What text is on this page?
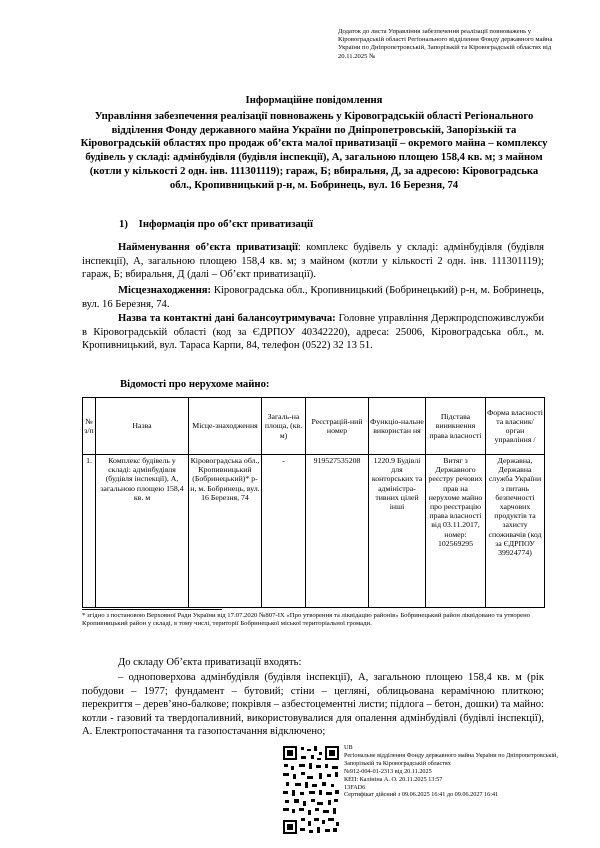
Додаток до листа Управління забезпечення реалізації повноважень у Кіровоградській області Регіонального відділення Фонду державного майна України по Дніпропетровській, Запорізькій та Кіровоградській областях від 20.11.2025 №
Інформаційне повідомлення
Управління забезпечення реалізації повноважень у Кіровоградській області Регіонального відділення Фонду державного майна України по Дніпропетровській, Запорізькій та Кіровоградській областях про продаж об’єкта малої приватизації – окремого майна – комплексу будівель у складі: адмінбудівля (будівля інспекції), А, загальною площею 158,4 кв. м; з майном (котли у кількості 2 одн. інв. 111301119); гараж, Б; вбиральня, Д, за адресою: Кіровоградська обл., Кропивницький р-н, м. Бобринець, вул. 16 Березня, 74
1) Інформація про об’єкт приватизації
Найменування об’єкта приватизації: комплекс будівель у складі: адмінбудівля (будівля інспекції), А, загальною площею 158,4 кв. м; з майном (котли у кількості 2 одн. інв. 111301119); гараж, Б; вбиральня, Д (далі – Об’єкт приватизації).
Місцезнаходження: Кіровоградська обл., Кропивницький (Бобринецький) р-н, м. Бобринець, вул. 16 Березня, 74.
Назва та контактні дані балансоутримувача: Головне управління Держпродспоживслужби в Кіровоградській області (код за ЄДРПОУ 40342220), адреса: 25006, Кіровоградська обл., м. Кропивницький, вул. Тараса Карпи, 84, телефон (0522) 32 13 51.
Відомості про нерухоме майно:
№ з/п	Назва	Місце-знаходження	Загаль-на площа, (кв. м)	Реєстрацій-ний номер	Функціо-нальне використан ня	Підстава виникнення права власності	Форма власності та власник/ орган управління /
1.	Комплекс будівель у складі: адмінбудівля (будівля інспекції), А, загальною площею 158,4 кв. м	Кіровоградська обл., Кропивницький (Бобринецький)* р-н, м. Бобринець, вул. 16 Березня, 74	-	919527535208	1220.9 Будівлі для конторських та адміністра-тивних цілей інші	Витяг з Державного реєстру речових прав на нерухоме майно про реєстрацію права власності від 03.11.2017, номер: 102569295	Державна, Державна служба України з питань безпечності харчових продуктів та захисту споживачів (код за ЄДРПОУ 39924774)
* згідно з постановою Верховної Ради України від 17.07.2020 №807-IX «Про утворення та ліквідацію районів» Бобринецький район ліквідовано та утворено Кропивницький район у складі, в тому числі, території Бобринецької міської територіальної громади.
До складу Об’єкта приватизації входять:
– одноповерхова адмінбудівля (будівля інспекції), А, загальною площею 158,4 кв. м (рік побудови – 1977; фундамент – бутовий; стіни – цеглянi, облицьована керамічною плиткою; перекриття – дерев’яно-балкове; покрівля – азбестоцементні листи; підлога – бетон, дошки) та майно: котли - газовий та твердопаливний, використовувалися для опалення адмінбудівлі (будівлі інспекції), А. Електропостачання та газопостачання відключено;
UB
Регіональне відділення Фонду державного майна України по Дніпропетровській, Запорізькій та Кіровоградській областях
№912-004-01-2313 від 20.11.2025
КЕП: Калініна А. О. 20.11.2025 13:57
13FAD6
Сертифікат дійсний з 09.06.2025 16:41 до 09.06.2027 16:41
